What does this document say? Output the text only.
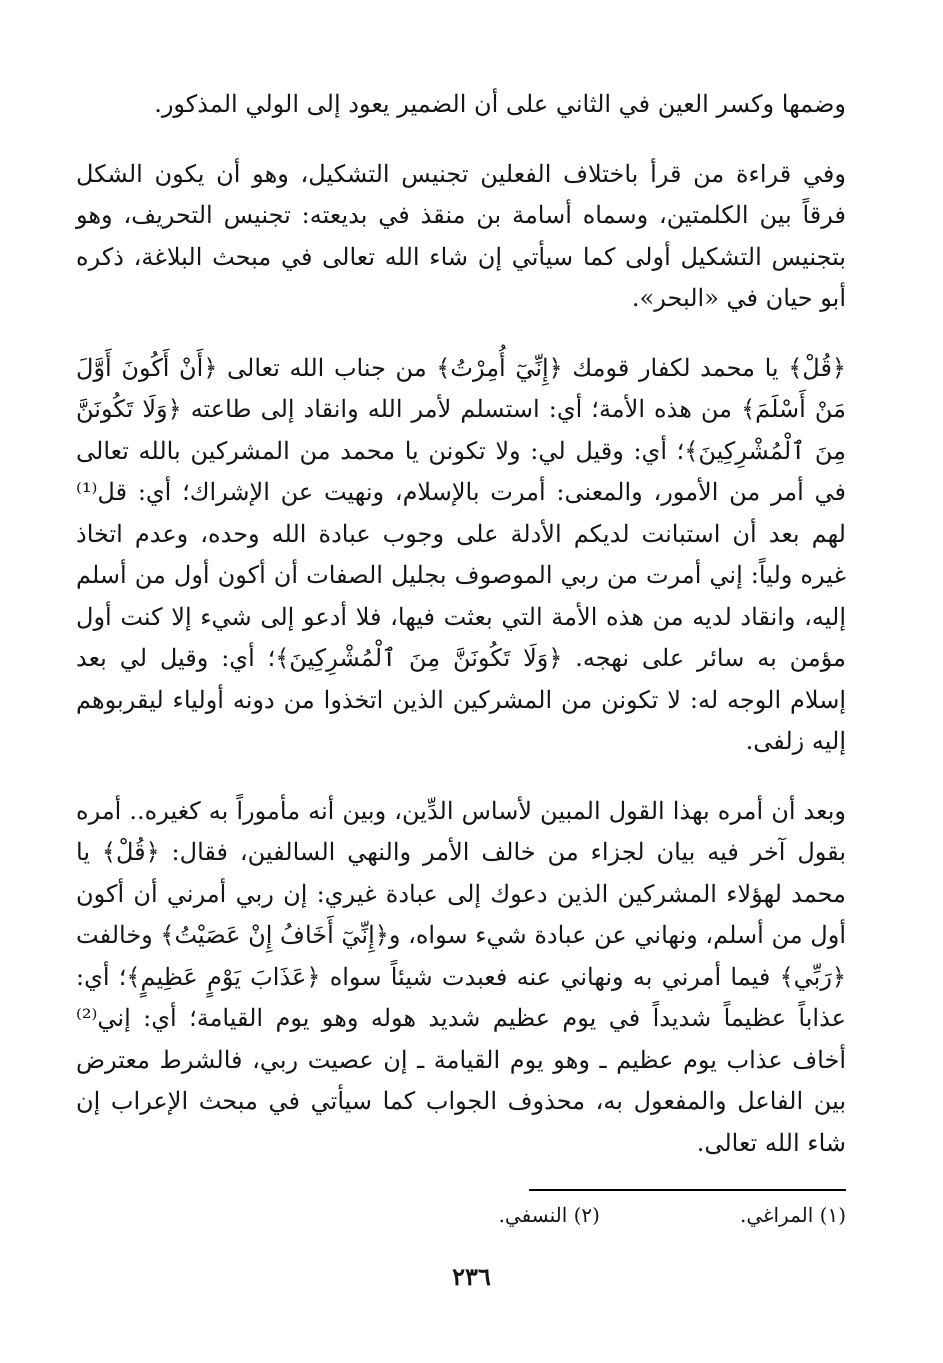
وضمها وكسر العين في الثاني على أن الضمير يعود إلى الولي المذكور.

وفي قراءة من قرأ باختلاف الفعلين تجنيس التشكيل، وهو أن يكون الشكل فرقاً بين الكلمتين، وسماه أسامة بن منقذ في بديعته: تجنيس التحريف، وهو بتجنيس التشكيل أولى كما سيأتي إن شاء الله تعالى في مبحث البلاغة، ذكره أبو حيان في «البحر».

﴿قُلْ﴾ يا محمد لكفار قومك ﴿إِنِّيٓ أُمِرْتُ﴾ من جناب الله تعالى ﴿أَنْ أَكُونَ أَوَّلَ مَنْ أَسْلَمَ﴾ من هذه الأمة؛ أي: استسلم لأمر الله وانقاد إلى طاعته ﴿وَلَا تَكُونَنَّ مِنَ ٱلْمُشْرِكِينَ﴾؛ أي: وقيل لي: ولا تكونن يا محمد من المشركين بالله تعالى في أمر من الأمور، والمعنى: أمرت بالإسلام، ونهيت عن الإشراك؛ أي: قل⁽¹⁾ لهم بعد أن استبانت لديكم الأدلة على وجوب عبادة الله وحده، وعدم اتخاذ غيره ولياً: إني أمرت من ربي الموصوف بجليل الصفات أن أكون أول من أسلم إليه، وانقاد لديه من هذه الأمة التي بعثت فيها، فلا أدعو إلى شيء إلا كنت أول مؤمن به سائر على نهجه. ﴿وَلَا تَكُونَنَّ مِنَ ٱلْمُشْرِكِينَ﴾؛ أي: وقيل لي بعد إسلام الوجه له: لا تكونن من المشركين الذين اتخذوا من دونه أولياء ليقربوهم إليه زلفى.

وبعد أن أمره بهذا القول المبين لأساس الدِّين، وبين أنه مأموراً به كغيره.. أمره بقول آخر فيه بيان لجزاء من خالف الأمر والنهي السالفين، فقال: ﴿قُلْ﴾ يا محمد لهؤلاء المشركين الذين دعوك إلى عبادة غيري: إن ربي أمرني أن أكون أول من أسلم، ونهاني عن عبادة شيء سواه، و﴿إِنِّيٓ أَخَافُ إِنْ عَصَيْتُ﴾ وخالفت ﴿رَبِّي﴾ فيما أمرني به ونهاني عنه فعبدت شيئاً سواه ﴿عَذَابَ يَوْمٍ عَظِيمٍ﴾؛ أي: عذاباً عظيماً شديداً في يوم عظيم شديد هوله وهو يوم القيامة؛ أي: إني⁽²⁾ أخاف عذاب يوم عظيم ـ وهو يوم القيامة ـ إن عصيت ربي، فالشرط معترض بين الفاعل والمفعول به، محذوف الجواب كما سيأتي في مبحث الإعراب إن شاء الله تعالى.

(١) المراغي.
(٢) النسفي.
٢٣٦
